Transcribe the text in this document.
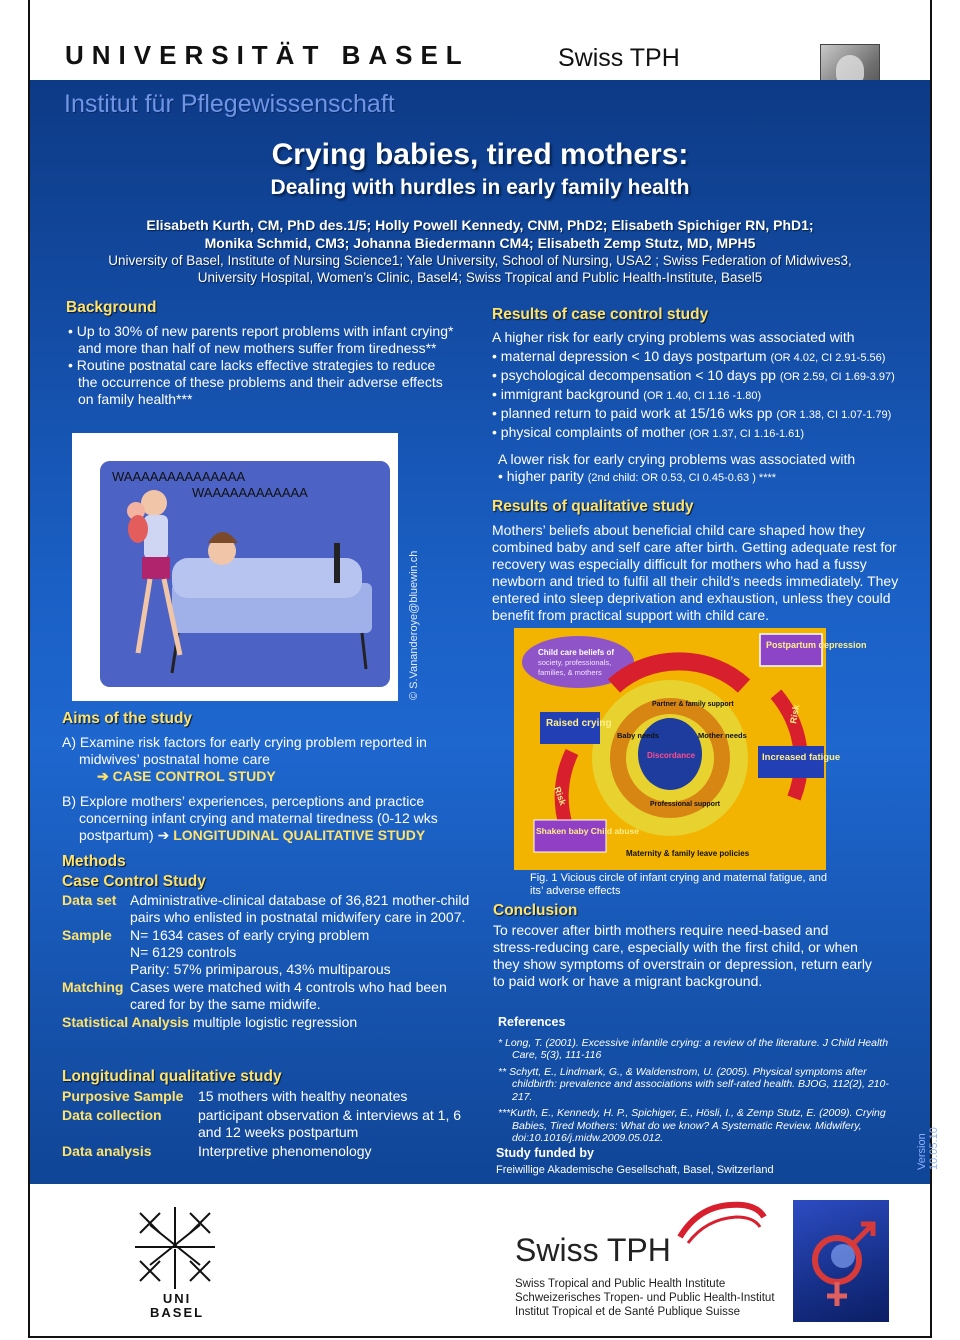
UNIVERSITÄT BASEL	Swiss TPH
Institut für Pflegewissenschaft
Crying babies, tired mothers:
Dealing with hurdles in early family health
Elisabeth Kurth, CM, PhD des.1/5; Holly Powell Kennedy, CNM, PhD2; Elisabeth Spichiger RN, PhD1;
Monika Schmid, CM3; Johanna Biedermann CM4; Elisabeth Zemp Stutz, MD, MPH5
University of Basel, Institute of Nursing Science1; Yale University, School of Nursing, USA2 ; Swiss Federation of Midwives3,
University Hospital, Women’s Clinic, Basel4; Swiss Tropical and Public Health-Institute, Basel5
Background
• Up to 30% of new parents report problems with infant crying* and more than half of new mothers suffer from tiredness**
• Routine postnatal care lacks effective strategies to reduce the occurrence of these problems and their adverse effects on family health***
WAAAAAAAAAAAAAA
WAAAAAAAAAAAA
© S.Vananderoye@bluewin.ch
Aims of the study
A) Examine risk factors for early crying problem reported in midwives’ postnatal home care
➔ CASE CONTROL STUDY
B) Explore mothers’ experiences, perceptions and practice concerning infant crying and maternal tiredness (0-12 wks postpartum) ➔ LONGITUDINAL QUALITATIVE STUDY
Methods
Case Control Study
Data set Administrative-clinical database of 36,821 mother-child pairs who enlisted in postnatal midwifery care in 2007.
Sample	N= 1634 cases of early crying problem
N= 6129 controls
Parity: 57% primiparous, 43% multiparous
Matching Cases were matched with 4 controls who had been cared for by the same midwife.
Statistical Analysis multiple logistic regression
Longitudinal qualitative study
Purposive Sample	15 mothers with healthy neonates
Data collection	participant observation & interviews at 1, 6 and 12 weeks postpartum
Data analysis	Interpretive phenomenology
Results of case control study
A higher risk for early crying problems was associated with
• maternal depression < 10 days postpartum (OR 4.02, CI 2.91-5.56)
• psychological decompensation < 10 days pp (OR 2.59, CI 1.69-3.97)
• immigrant background (OR 1.40, CI 1.16 -1.80)
• planned return to paid work at 15/16 wks pp (OR 1.38, CI 1.07-1.79)
• physical complaints of mother (OR 1.37, CI 1.16-1.61)
A lower risk for early crying problems was associated with
• higher parity (2nd child: OR 0.53, CI 0.45-0.63 ) ****
Results of qualitative study
Mothers’ beliefs about beneficial child care shaped how they combined baby and self care after birth. Getting adequate rest for recovery was especially difficult for mothers who had a fussy newborn and tried to fulfil all their child’s needs immediately. They entered into sleep deprivation and exhaustion, unless they could benefit from practical support with child care.
Child care beliefs of
society, professionals,
families, & mothers
Postpartum depression
Discordance
Baby needs	Mother needs
Partner & family support
Professional support
Raised crying
Increased fatigue
Shaken baby Child abuse
Maternity & family leave policies
Risk
Risk
Fig. 1 Vicious circle of infant crying and maternal fatigue, and its’ adverse effects
Conclusion
To recover after birth mothers require need-based and stress-reducing care, especially with the first child, or when they show symptoms of overstrain or depression, return early to paid work or have a migrant background.
References
* Long, T. (2001). Excessive infantile crying: a review of the literature. J Child Health Care, 5(3), 111-116
** Schytt, E., Lindmark, G., & Waldenstrom, U. (2005). Physical symptoms after childbirth: prevalence and associations with self-rated health. BJOG, 112(2), 210-217.
***Kurth, E., Kennedy, H. P., Spichiger, E., Hösli, I., & Zemp Stutz, E. (2009). Crying Babies, Tired Mothers: What do we know? A Systematic Review. Midwifery, doi:10.1016/j.midw.2009.05.012.	Version 10.05.10
Study funded by
Freiwillige Akademische Gesellschaft, Basel, Switzerland
UNI
BASEL
Swiss TPH
Swiss Tropical and Public Health Institute
Schweizerisches Tropen- und Public Health-Institut
Institut Tropical et de Santé Publique Suisse
